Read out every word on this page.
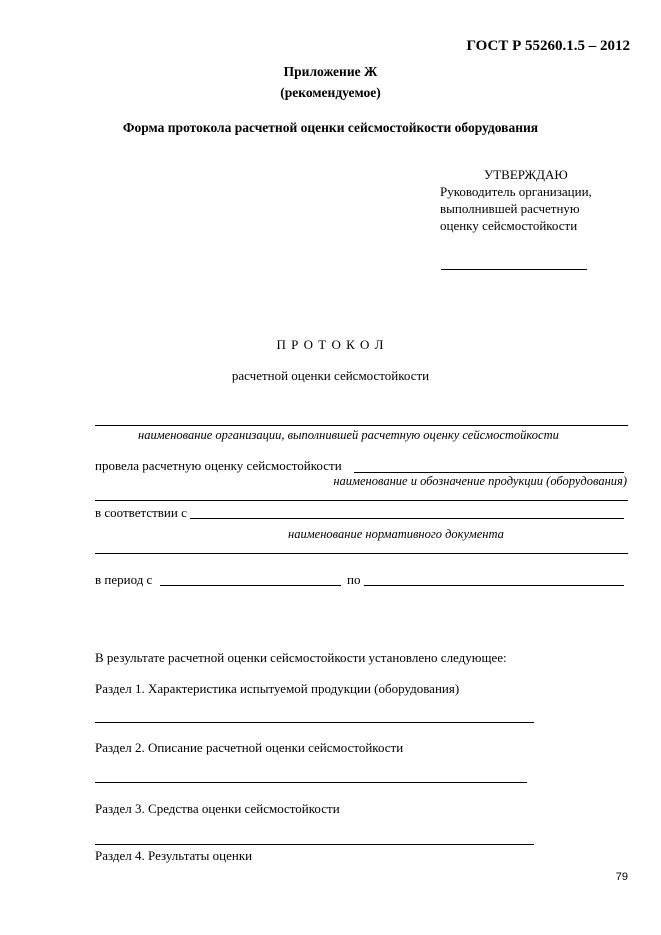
ГОСТ Р 55260.1.5 – 2012
Приложение Ж
(рекомендуемое)
Форма протокола расчетной оценки сейсмостойкости оборудования
УТВЕРЖДАЮ
Руководитель организации,
выполнившей расчетную
оценку сейсмостойкости
П Р О Т О К О Л
расчетной оценки сейсмостойкости
наименование организации, выполнившей расчетную оценку сейсмостойкости
провела расчетную оценку сейсмостойкости
наименование и обозначение продукции (оборудования)
в соответствии с
наименование нормативного документа
в период с	по
В результате расчетной оценки сейсмостойкости установлено следующее:
Раздел 1. Характеристика испытуемой продукции (оборудования)
Раздел 2. Описание расчетной оценки сейсмостойкости
Раздел 3. Средства оценки сейсмостойкости
Раздел 4. Результаты оценки
79
